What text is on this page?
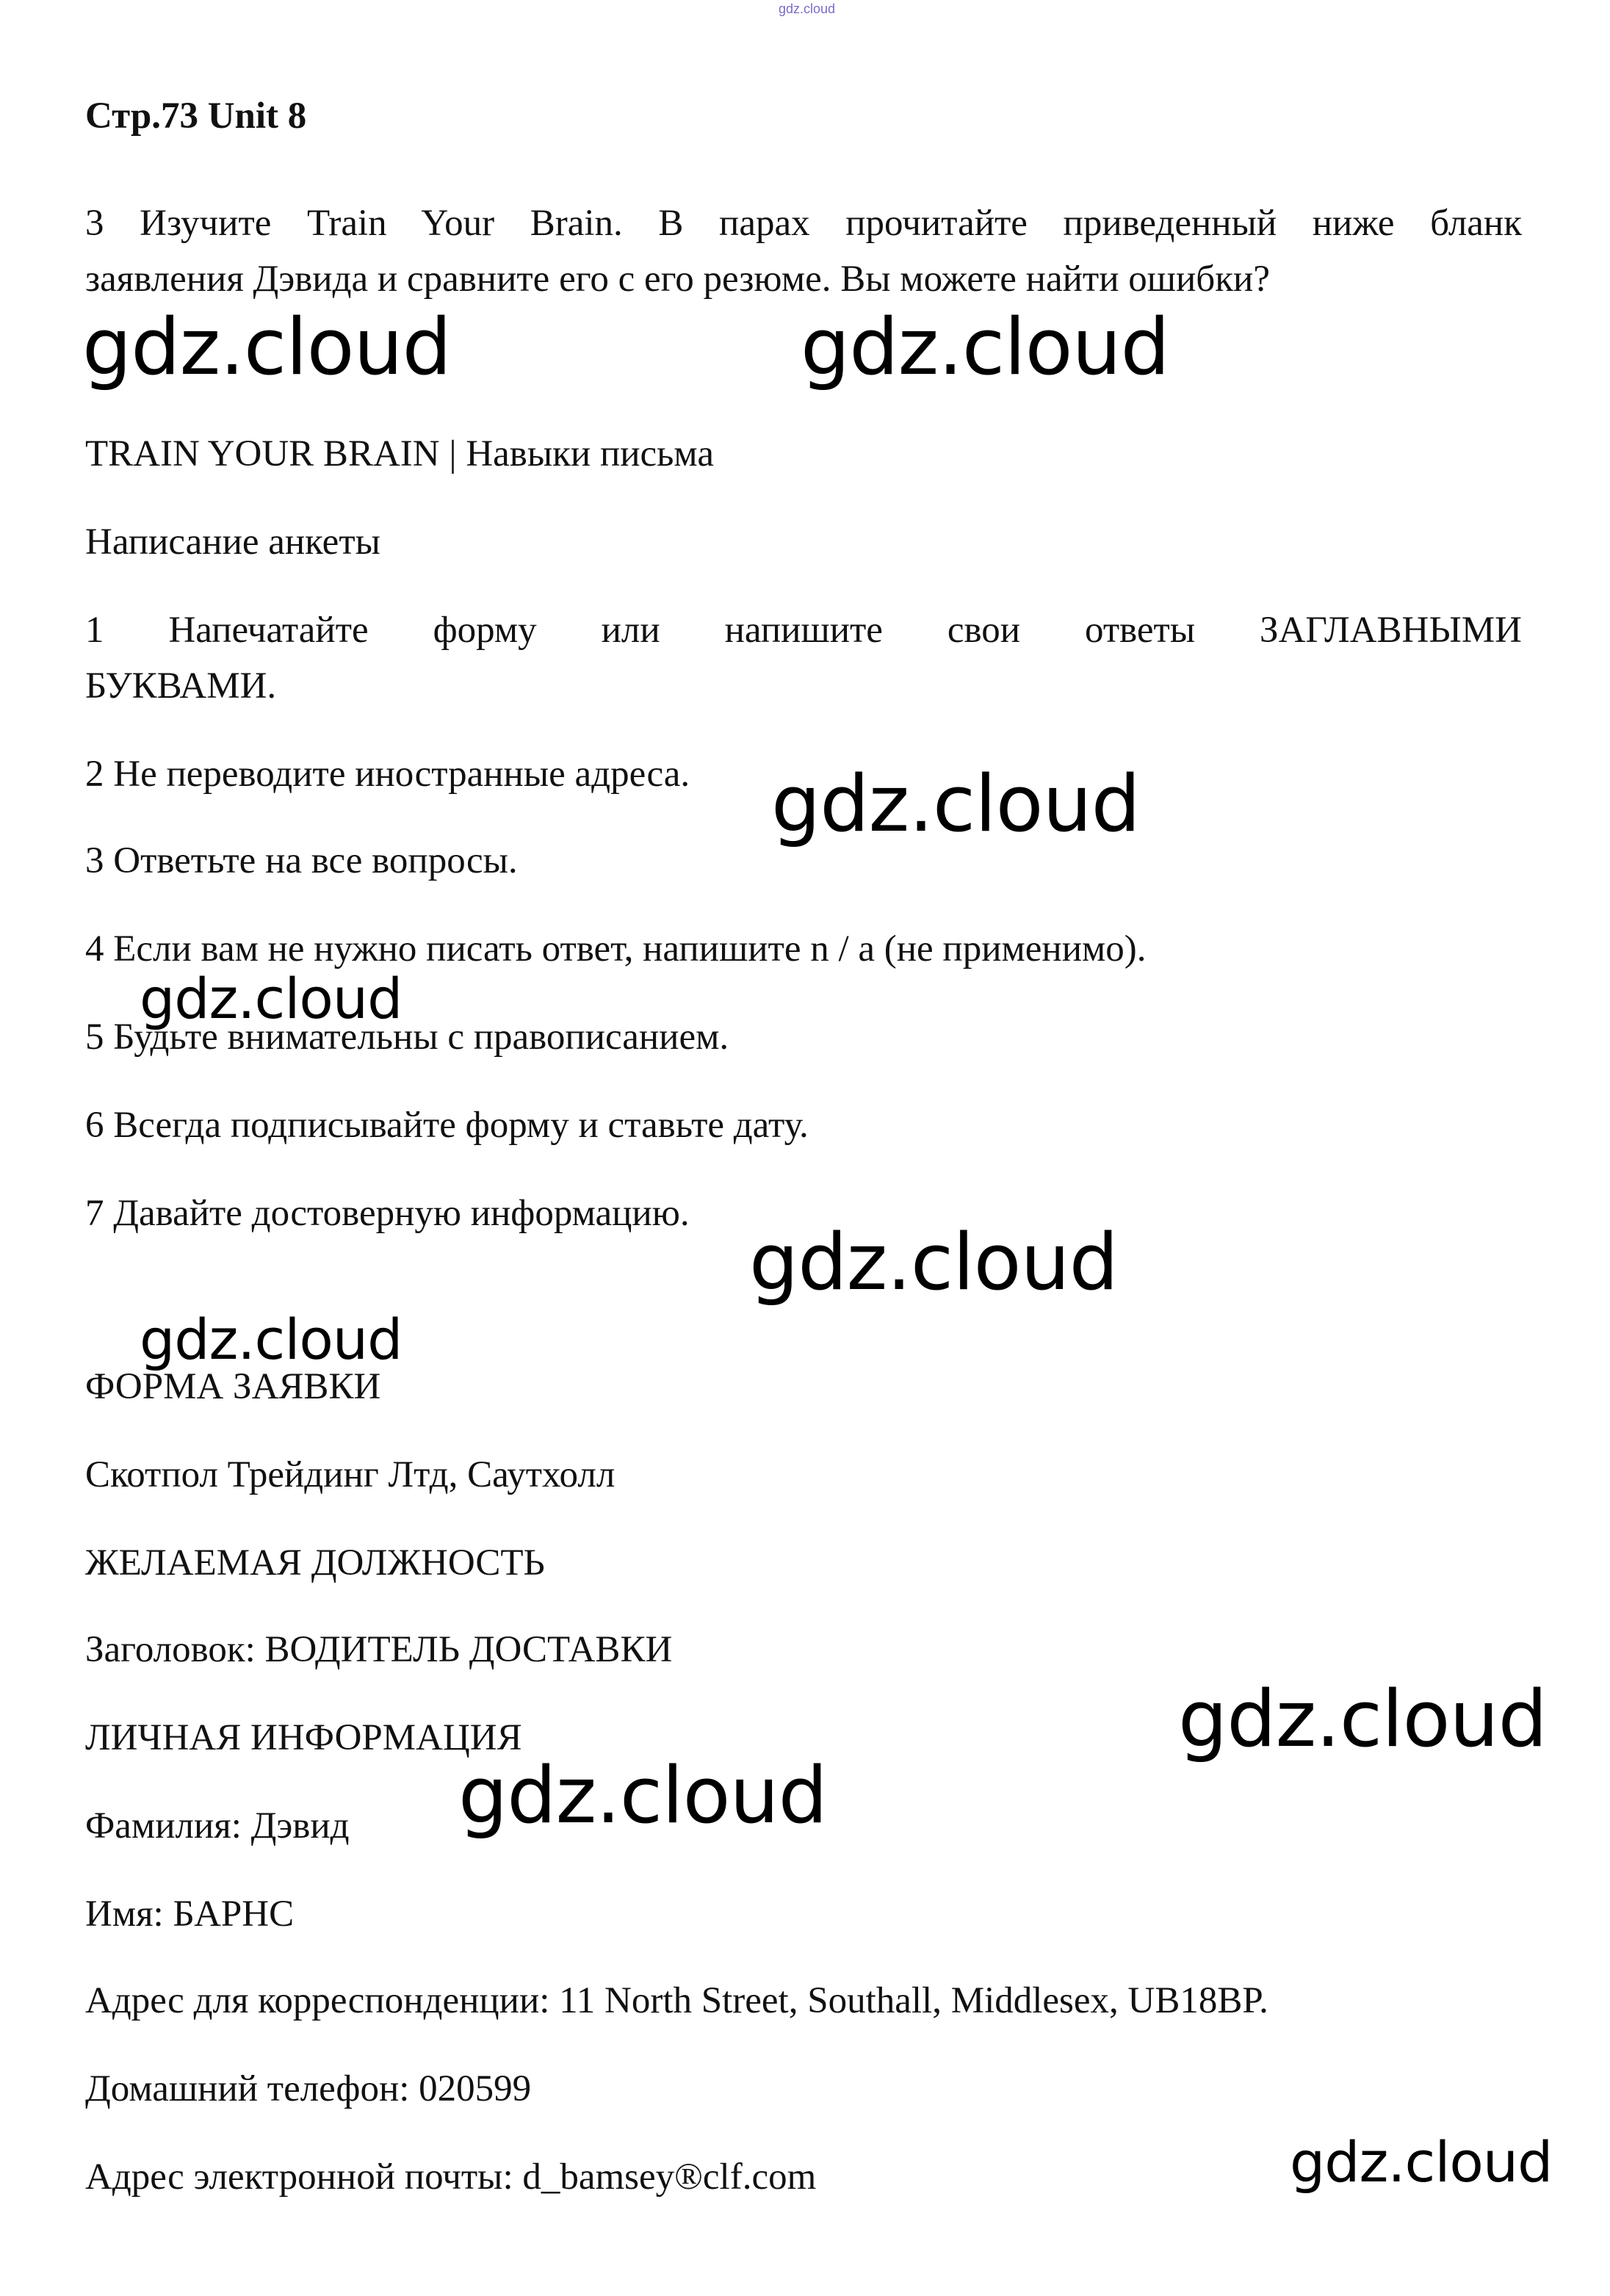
gdz.cloud
Стр.73 Unit 8
3 Изучите Train Your Brain. В парах прочитайте приведенный ниже бланк
заявления Дэвида и сравните его с его резюме. Вы можете найти ошибки?
TRAIN YOUR BRAIN | Навыки письма
Написание анкеты
1 Напечатайте форму или напишите свои ответы ЗАГЛАВНЫМИ
БУКВАМИ.
2 Не переводите иностранные адреса.
3 Ответьте на все вопросы.
4 Если вам не нужно писать ответ, напишите n / a (не применимо).
5 Будьте внимательны с правописанием.
6 Всегда подписывайте форму и ставьте дату.
7 Давайте достоверную информацию.
ФОРМА ЗАЯВКИ
Скотпол Трейдинг Лтд, Саутхолл
ЖЕЛАЕМАЯ ДОЛЖНОСТЬ
Заголовок: ВОДИТЕЛЬ ДОСТАВКИ
ЛИЧНАЯ ИНФОРМАЦИЯ
Фамилия: Дэвид
Имя: БАРНС
Адрес для корреспонденции: 11 North Street, Southall, Middlesex, UB18BP.
Домашний телефон: 020599
Адрес электронной почты: d_bamsey®clf.com
gdz.cloud	gdz.cloud
gdz.cloud
gdz.cloud
gdz.cloud
gdz.cloud
gdz.cloud
gdz.cloud
gdz.cloud
